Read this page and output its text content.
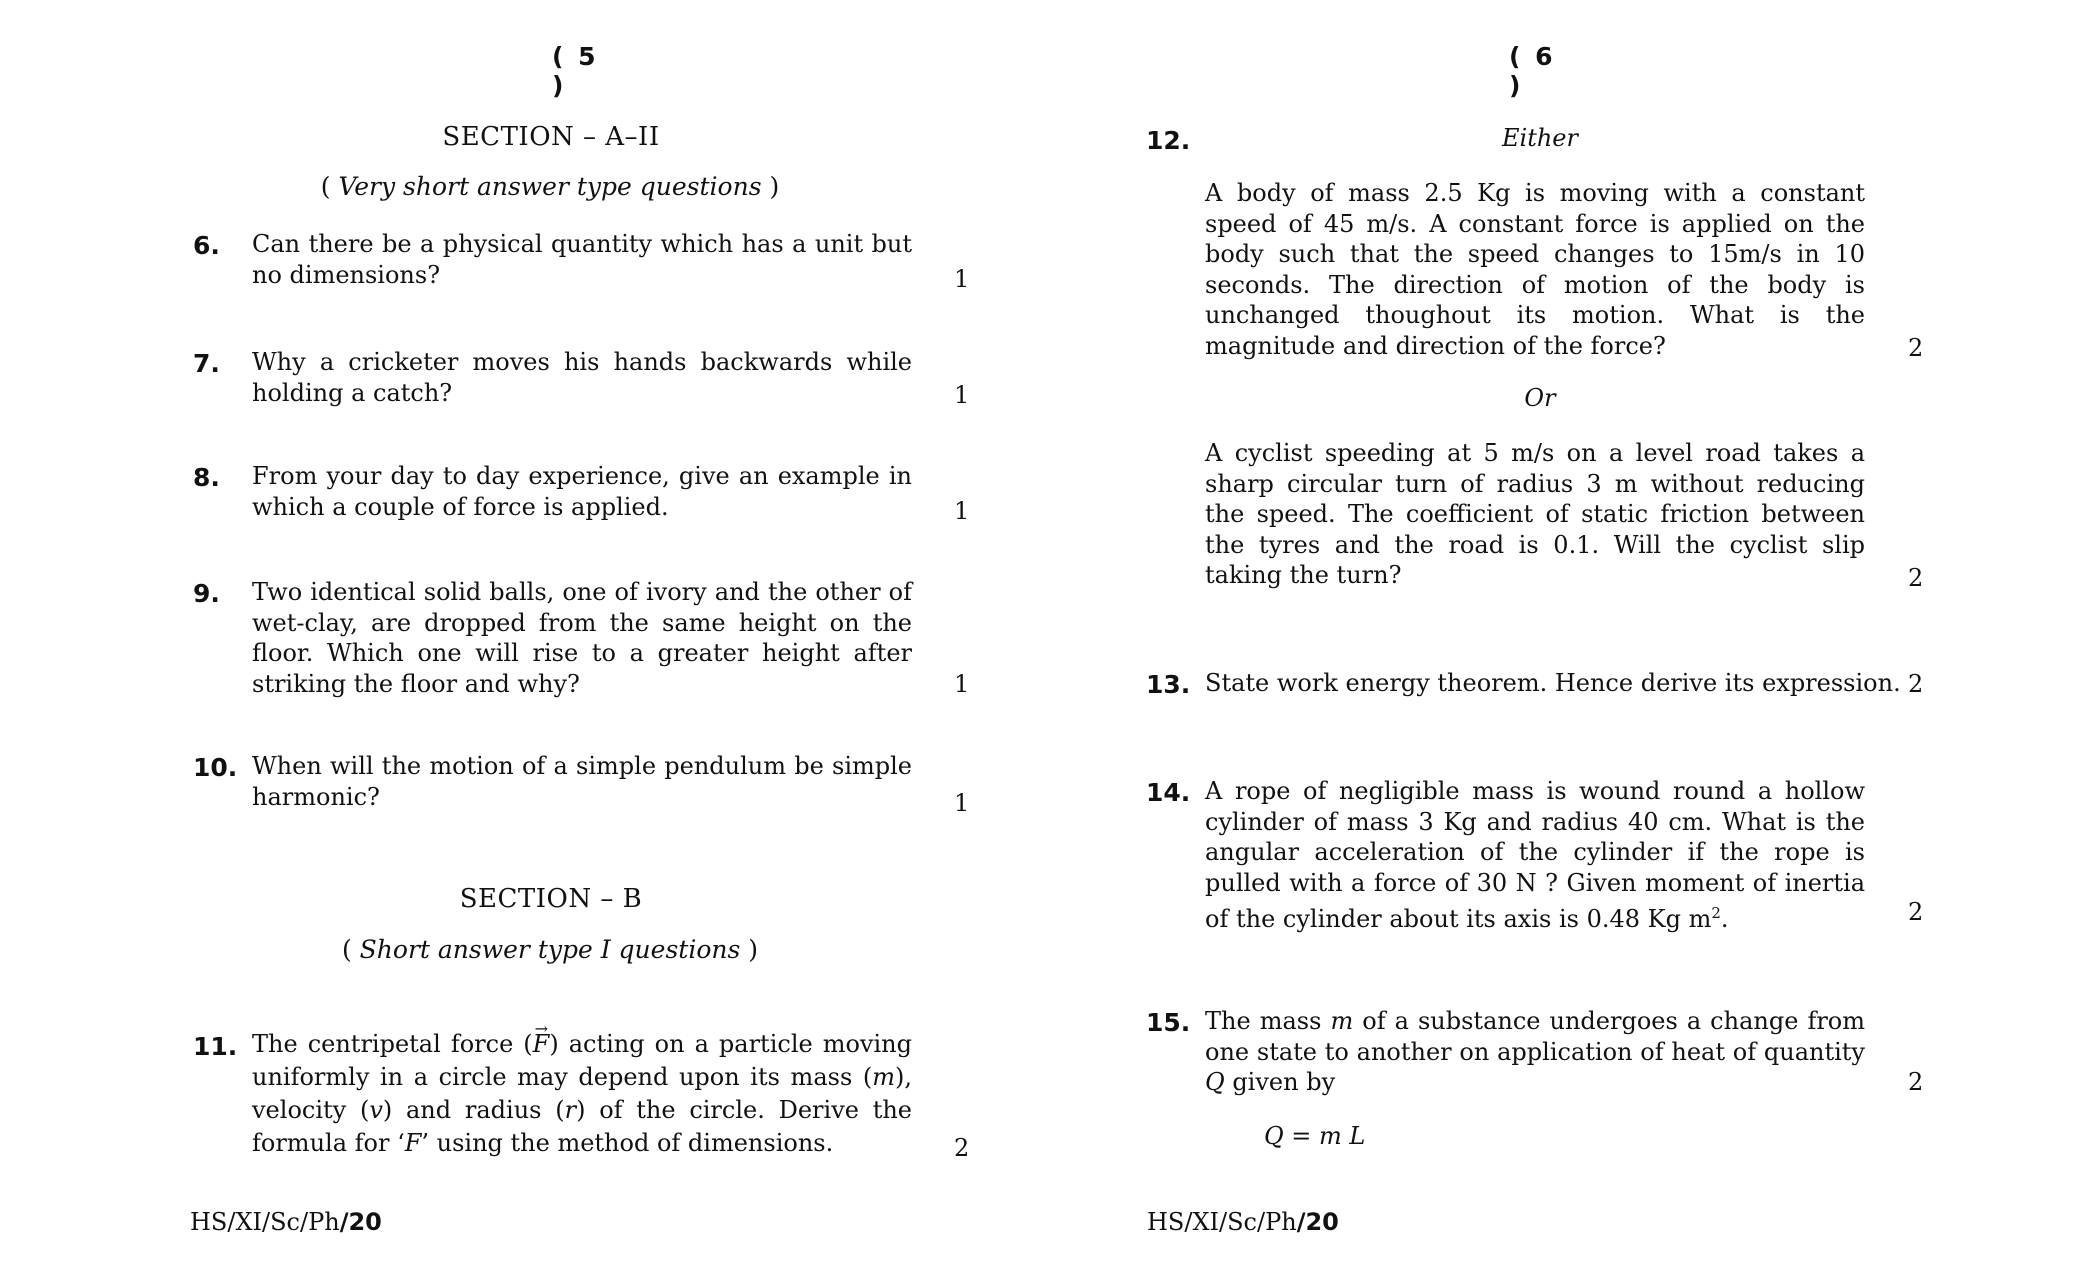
( 5 )
SECTION – A–II
( Very short answer type questions )
6. Can there be a physical quantity which has a unit but no dimensions?	1
7. Why a cricketer moves his hands backwards while holding a catch?	1
8. From your day to day experience, give an example in which a couple of force is applied.	1
9. Two identical solid balls, one of ivory and the other of wet-clay, are dropped from the same height on the floor. Which one will rise to a greater height after striking the floor and why?	1
10. When will the motion of a simple pendulum be simple harmonic?	1
SECTION – B
( Short answer type I questions )
11. The centripetal force (→ F) acting on a particle moving uniformly in a circle may depend upon its mass (m), velocity (v) and radius (r) of the circle. Derive the formula for ‘F’ using the method of dimensions.	2
HS/XI/Sc/Ph/20
( 6 )
12.	Either
A body of mass 2.5 Kg is moving with a constant speed of 45 m/s. A constant force is applied on the body such that the speed changes to 15m/s in 10 seconds. The direction of motion of the body is unchanged thoughout its motion. What is the magnitude and direction of the force?	2
Or
A cyclist speeding at 5 m/s on a level road takes a sharp circular turn of radius 3 m without reducing the speed. The coefficient of static friction between the tyres and the road is 0.1. Will the cyclist slip taking the turn?	2
13. State work energy theorem. Hence derive its expression. 2
14. A rope of negligible mass is wound round a hollow cylinder of mass 3 Kg and radius 40 cm. What is the angular acceleration of the cylinder if the rope is pulled with a force of 30 N ? Given moment of inertia of the cylinder about its axis is 0.48 Kg $m^2$.	2
15. The mass m of a substance undergoes a change from one state to another on application of heat of quantity Q given by	2
Q = m L
HS/XI/Sc/Ph/20
